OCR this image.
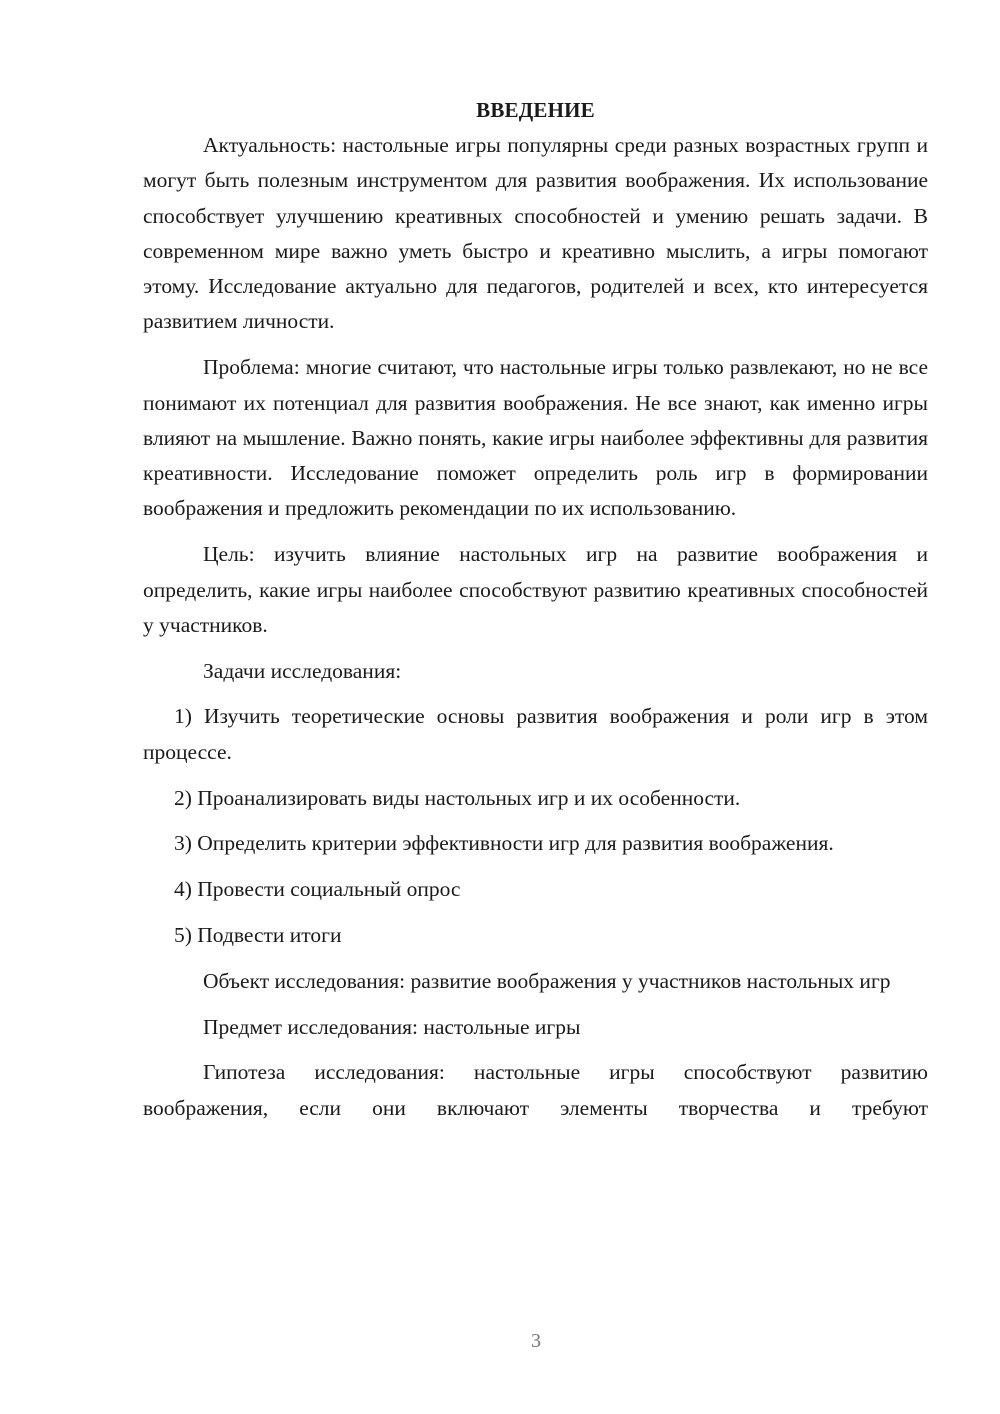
ВВЕДЕНИЕ

Актуальность: настольные игры популярны среди разных возрастных групп и могут быть полезным инструментом для развития воображения. Их использование способствует улучшению креативных способностей и умению решать задачи. В современном мире важно уметь быстро и креативно мыслить, а игры помогают этому. Исследование актуально для педагогов, родителей и всех, кто интересуется развитием личности.

Проблема: многие считают, что настольные игры только развлекают, но не все понимают их потенциал для развития воображения. Не все знают, как именно игры влияют на мышление. Важно понять, какие игры наиболее эффективны для развития креативности. Исследование поможет определить роль игр в формировании воображения и предложить рекомендации по их использованию.

Цель: изучить влияние настольных игр на развитие воображения и определить, какие игры наиболее способствуют развитию креативных способностей у участников.

Задачи исследования:

1) Изучить теоретические основы развития воображения и роли игр в этом процессе.

2) Проанализировать виды настольных игр и их особенности.

3) Определить критерии эффективности игр для развития воображения.

4) Провести социальный опрос

5) Подвести итоги

Объект исследования: развитие воображения у участников настольных игр

Предмет исследования: настольные игры

Гипотеза исследования: настольные игры способствуют развитию воображения, если они включают элементы творчества и требуют

3
